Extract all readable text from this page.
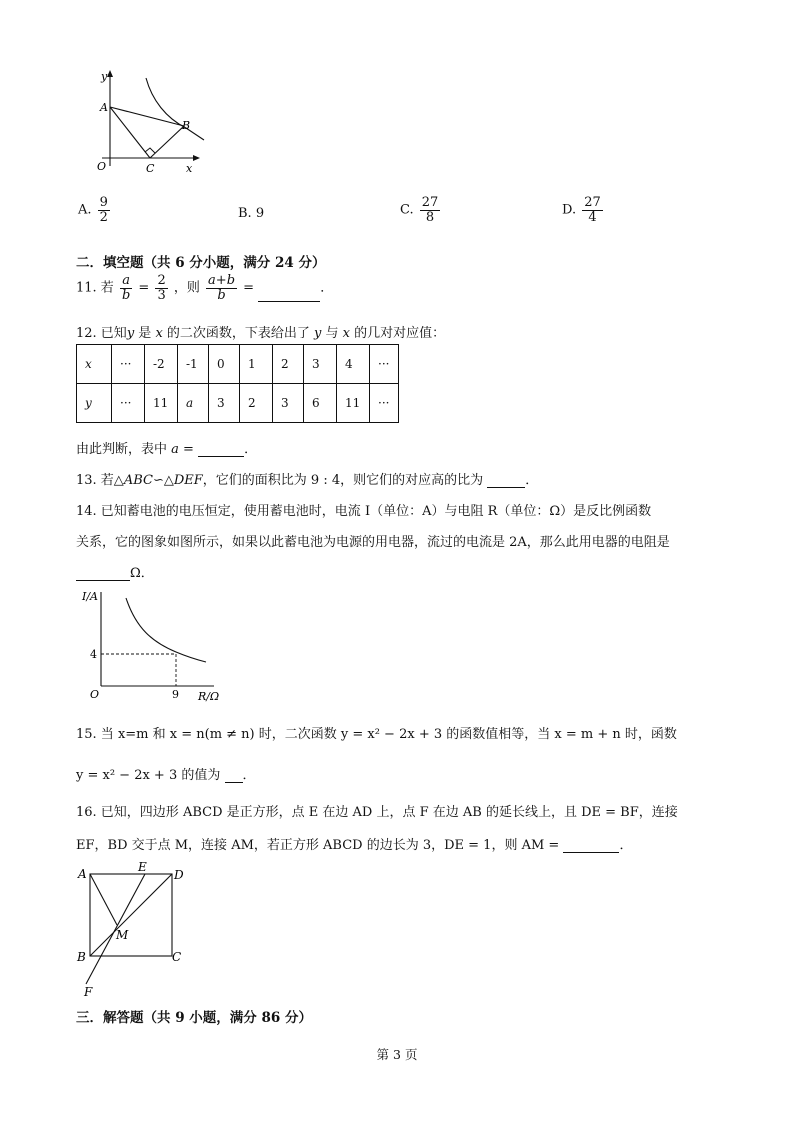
y
A
B
O	C	x
A. $\frac{9}{2}$	B. 9	C. $\frac{27}{8}$	D. $\frac{27}{4}$
二．填空题（共 6 分小题，满分 24 分）
11. 若 $\frac{a}{b} = \frac{2}{3}$ ，则 $\frac{a+b}{b}$ =	．
12. 已知y 是 x 的二次函数，下表给出了 y 与 x 的几对对应值：
x	···	-2	-1	0	1	2	3	4	···
y	···	11	a	3	2	3	6	11	···
由此判断，表中 a =	．
13. 若△ABC∽△DEF，它们的面积比为 9 : 4，则它们的对应高的比为	．
14. 已知蓄电池的电压恒定，使用蓄电池时，电流 I（单位：A）与电阻 R（单位：Ω）是反比例函数
关系，它的图象如图所示，如果以此蓄电池为电源的用电器，流过的电流是 2A，那么此用电器的电阻是
Ω．
I/A
4
O	9 R/Ω
15. 当 x=m 和 x = n(m ≠ n) 时，二次函数 y = x² − 2x + 3 的函数值相等，当 x = m + n 时，函数
y = x² − 2x + 3 的值为 ．
16. 已知，四边形 ABCD 是正方形，点 E 在边 AD 上，点 F 在边 AB 的延长线上，且 DE = BF，连接
EF，BD 交于点 M，连接 AM，若正方形 ABCD 的边长为 3，DE = 1，则 AM =	．
A	E
D
M
B	C
F
三．解答题（共 9 小题，满分 86 分）
第 3 页
